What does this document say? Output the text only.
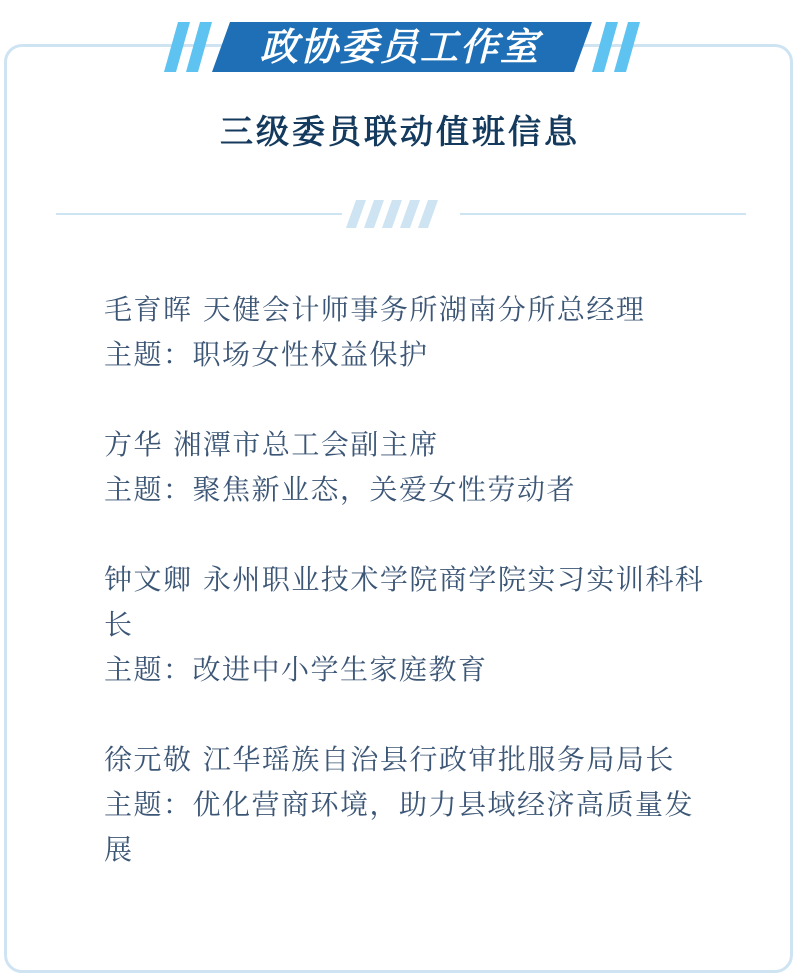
政协委员工作室
三级委员联动值班信息

毛育晖 天健会计师事务所湖南分所总经理

主题：职场女性权益保护

方华 湘潭市总工会副主席

主题：聚焦新业态，关爱女性劳动者

钟文卿 永州职业技术学院商学院实习实训科科长

主题：改进中小学生家庭教育

徐元敬 江华瑶族自治县行政审批服务局局长

主题：优化营商环境，助力县域经济高质量发展
